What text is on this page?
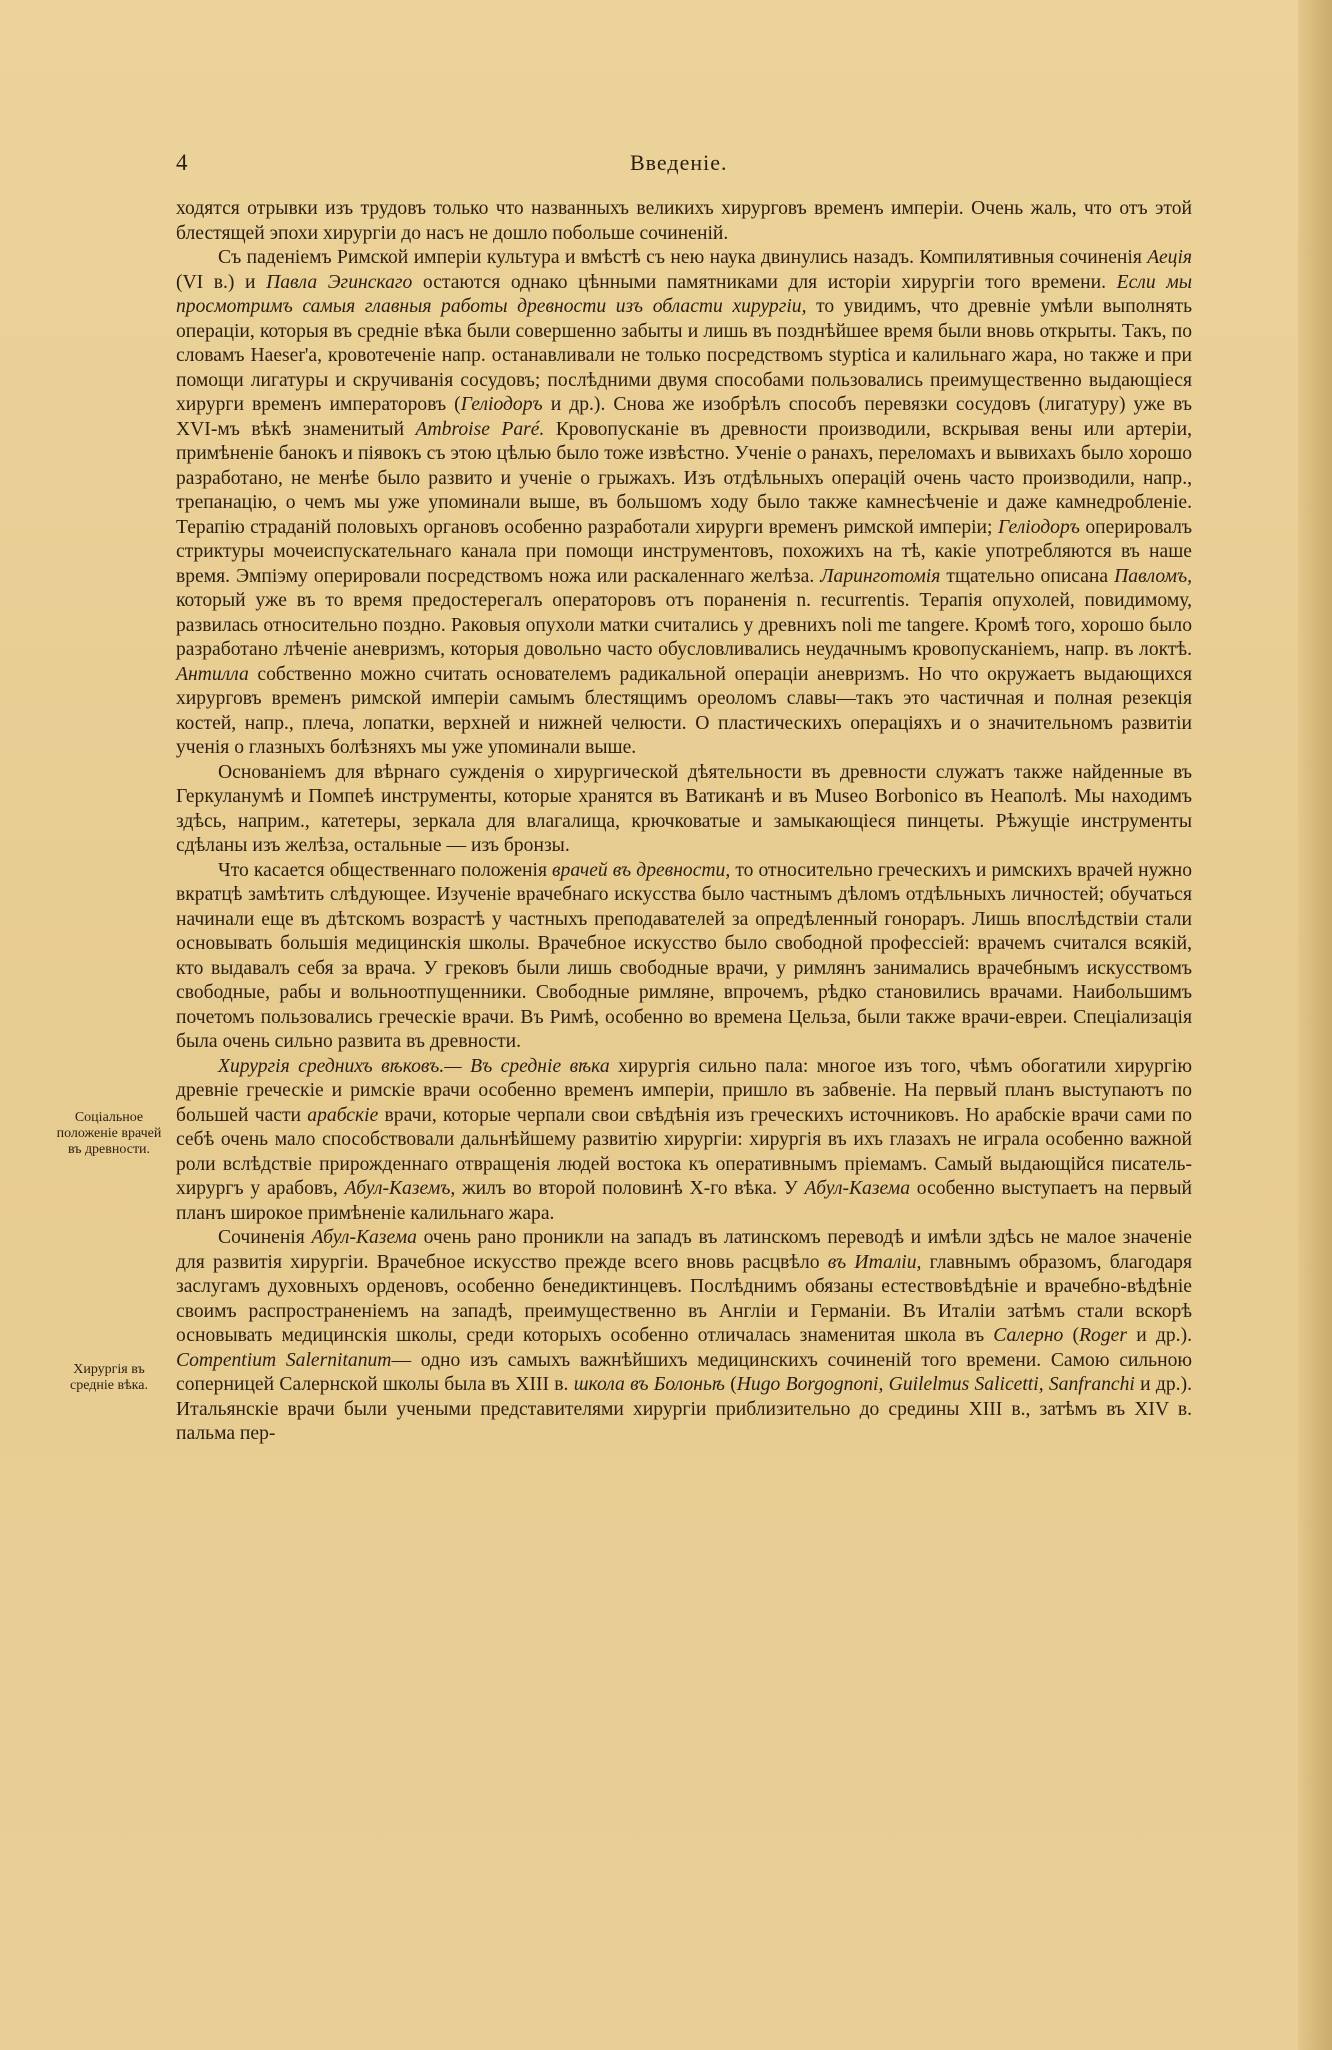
4	Введеніе.
Соціальное положеніе врачей въ древности.
Хирургія въ средніе вѣка.

ходятся отрывки изъ трудовъ только что названныхъ великихъ хирурговъ временъ имперіи. Очень жаль, что отъ этой блестящей эпохи хирургіи до насъ не дошло побольше сочиненій.

Съ паденіемъ Римской имперіи культура и вмѣстѣ съ нею наука двинулись назадъ. Компилятивныя сочиненія Аеція (VI в.) и Павла Эгинскаго остаются однако цѣнными памятниками для исторіи хирургіи того времени. Если мы просмотримъ самыя главныя работы древности изъ области хирургіи, то увидимъ, что древніе умѣли выполнять операціи, которыя въ средніе вѣка были совершенно забыты и лишь въ позднѣйшее время были вновь открыты. Такъ, по словамъ Haeser'a, кровотеченіе напр. останавливали не только посредствомъ styptica и калильнаго жара, но также и при помощи лигатуры и скручиванія сосудовъ; послѣдними двумя способами пользовались преимущественно выдающіеся хирурги временъ императоровъ (Геліодоръ и др.). Снова же изобрѣлъ способъ перевязки сосудовъ (лигатуру) уже въ XVI-мъ вѣкѣ знаменитый Ambroise Paré. Кровопусканіе въ древности производили, вскрывая вены или артеріи, примѣненіе банокъ и піявокъ съ этою цѣлью было тоже извѣстно. Ученіе о ранахъ, переломахъ и вывихахъ было хорошо разработано, не менѣе было развито и ученіе о грыжахъ. Изъ отдѣльныхъ операцій очень часто производили, напр., трепанацію, о чемъ мы уже упоминали выше, въ большомъ ходу было также камнесѣченіе и даже камнедробленіе. Терапію страданій половыхъ органовъ особенно разработали хирурги временъ римской имперіи; Геліодоръ оперировалъ стриктуры мочеиспускательнаго канала при помощи инструментовъ, похожихъ на тѣ, какіе употребляются въ наше время. Эмпіэму оперировали посредствомъ ножа или раскаленнаго желѣза. Ларинготомія тщательно описана Павломъ, который уже въ то время предостерегалъ операторовъ отъ пораненія n. recurrentis. Терапія опухолей, повидимому, развилась относительно поздно. Раковыя опухоли матки считались у древнихъ noli me tangere. Кромѣ того, хорошо было разработано лѣченіе аневризмъ, которыя довольно часто обусловливались неудачнымъ кровопусканіемъ, напр. въ локтѣ. Антилла собственно можно считать основателемъ радикальной операціи аневризмъ. Но что окружаетъ выдающихся хирурговъ временъ римской имперіи самымъ блестящимъ ореоломъ славы—такъ это частичная и полная резекція костей, напр., плеча, лопатки, верхней и нижней челюсти. О пластическихъ операціяхъ и о значительномъ развитіи ученія о глазныхъ болѣзняхъ мы уже упоминали выше.

Основаніемъ для вѣрнаго сужденія о хирургической дѣятельности въ древности служатъ также найденные въ Геркуланумѣ и Помпеѣ инструменты, которые хранятся въ Ватиканѣ и въ Museo Borbonico въ Неаполѣ. Мы находимъ здѣсь, наприм., катетеры, зеркала для влагалища, крючковатые и замыкающіеся пинцеты. Рѣжущіе инструменты сдѣланы изъ желѣза, остальные — изъ бронзы.

Что касается общественнаго положенія врачей въ древности, то относительно греческихъ и римскихъ врачей нужно вкратцѣ замѣтить слѣдующее. Изученіе врачебнаго искусства было частнымъ дѣломъ отдѣльныхъ личностей; обучаться начинали еще въ дѣтскомъ возрастѣ у частныхъ преподавателей за опредѣленный гонораръ. Лишь впослѣдствіи стали основывать большія медицинскія школы. Врачебное искусство было свободной профессіей: врачемъ считался всякій, кто выдавалъ себя за врача. У грековъ были лишь свободные врачи, у римлянъ занимались врачебнымъ искусствомъ свободные, рабы и вольноотпущенники. Свободные римляне, впрочемъ, рѣдко становились врачами. Наибольшимъ почетомъ пользовались греческіе врачи. Въ Римѣ, особенно во времена Цельза, были также врачи-евреи. Спеціализація была очень сильно развита въ древности.

Хирургія среднихъ вѣковъ.— Въ средніе вѣка хирургія сильно пала: многое изъ того, чѣмъ обогатили хирургію древніе греческіе и римскіе врачи особенно временъ имперіи, пришло въ забвеніе. На первый планъ выступаютъ по большей части арабскіе врачи, которые черпали свои свѣдѣнія изъ греческихъ источниковъ. Но арабскіе врачи сами по себѣ очень мало способствовали дальнѣйшему развитію хирургіи: хирургія въ ихъ глазахъ не играла особенно важной роли вслѣдствіе прирожденнаго отвращенія людей востока къ оперативнымъ пріемамъ. Самый выдающійся писатель-хирургъ у арабовъ, Абул-Каземъ, жилъ во второй половинѣ X-го вѣка. У Абул-Казема особенно выступаетъ на первый планъ широкое примѣненіе калильнаго жара.

Сочиненія Абул-Казема очень рано проникли на западъ въ латинскомъ переводѣ и имѣли здѣсь не малое значеніе для развитія хирургіи. Врачебное искусство прежде всего вновь расцвѣло въ Италіи, главнымъ образомъ, благодаря заслугамъ духовныхъ орденовъ, особенно бенедиктинцевъ. Послѣднимъ обязаны естествовѣдѣніе и врачебно-вѣдѣніе своимъ распространеніемъ на западѣ, преимущественно въ Англіи и Германіи. Въ Италіи затѣмъ стали вскорѣ основывать медицинскія школы, среди которыхъ особенно отличалась знаменитая школа въ Салерно (Roger и др.). Compentium Salernitanum— одно изъ самыхъ важнѣйшихъ медицинскихъ сочиненій того времени. Самою сильною соперницей Салернской школы была въ XIII в. школа въ Болоньѣ (Hugo Borgognoni, Guilelmus Salicetti, Sanfranchi и др.). Итальянскіе врачи были учеными представителями хирургіи приблизительно до средины XIII в., затѣмъ въ XIV в. пальма пер-
